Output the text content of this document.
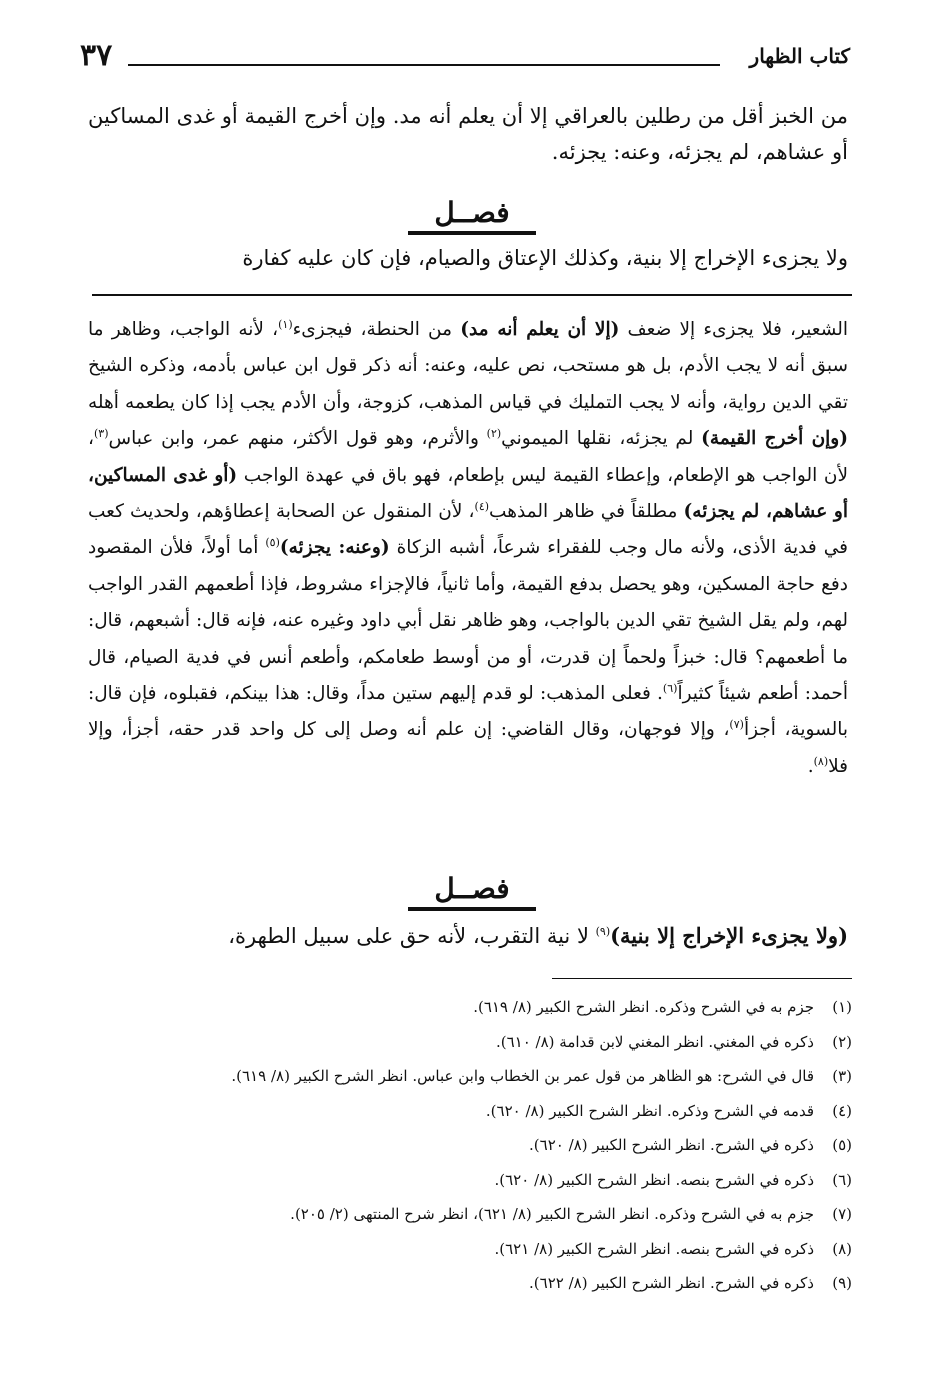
كتاب الظهار
٣٧
من الخبز أقل من رطلين بالعراقي إلا أن يعلم أنه مد. وإن أخرج القيمة أو غدى المساكين أو عشاهم، لم يجزئه، وعنه: يجزئه.
فصــل
ولا يجزىء الإخراج إلا بنية، وكذلك الإعتاق والصيام، فإن كان عليه كفارة
الشعير، فلا يجزىء إلا ضعف (إلا أن يعلم أنه مد) من الحنطة، فيجزىء$^{(١)}$، لأنه الواجب، وظاهر ما سبق أنه لا يجب الأدم، بل هو مستحب، نص عليه، وعنه: أنه ذكر قول ابن عباس بأدمه، وذكره الشيخ تقي الدين رواية، وأنه لا يجب التمليك في قياس المذهب، كزوجة، وأن الأدم يجب إذا كان يطعمه أهله (وإن أخرج القيمة) لم يجزئه، نقلها الميموني$^{(٢)}$ والأثرم، وهو قول الأكثر، منهم عمر، وابن عباس$^{(٣)}$، لأن الواجب هو الإطعام، وإعطاء القيمة ليس بإطعام، فهو باق في عهدة الواجب (أو غدى المساكين، أو عشاهم، لم يجزئه) مطلقاً في ظاهر المذهب$^{(٤)}$، لأن المنقول عن الصحابة إعطاؤهم، ولحديث كعب في فدية الأذى، ولأنه مال وجب للفقراء شرعاً، أشبه الزكاة (وعنه: يجزئه)$^{(٥)}$ أما أولاً، فلأن المقصود دفع حاجة المسكين، وهو يحصل بدفع القيمة، وأما ثانياً، فالإجزاء مشروط، فإذا أطعمهم القدر الواجب لهم، ولم يقل الشيخ تقي الدين بالواجب، وهو ظاهر نقل أبي داود وغيره عنه، فإنه قال: أشبعهم، قال: ما أطعمهم؟ قال: خبزاً ولحماً إن قدرت، أو من أوسط طعامكم، وأطعم أنس في فدية الصيام، قال أحمد: أطعم شيئاً كثيراً$^{(٦)}$. فعلى المذهب: لو قدم إليهم ستين مداً، وقال: هذا بينكم، فقبلوه، فإن قال: بالسوية، أجزأ$^{(٧)}$، وإلا فوجهان، وقال القاضي: إن علم أنه وصل إلى كل واحد قدر حقه، أجزأ، وإلا فلا$^{(٨)}$.
فصــل
(ولا يجزىء الإخراج إلا بنية)$^{(٩)}$ لا نية التقرب، لأنه حق على سبيل الطهرة،
(١)جزم به في الشرح وذكره. انظر الشرح الكبير (٨/ ٦١٩).
(٢)ذكره في المغني. انظر المغني لابن قدامة (٨/ ٦١٠).
(٣)قال في الشرح: هو الظاهر من قول عمر بن الخطاب وابن عباس. انظر الشرح الكبير (٨/ ٦١٩).
(٤)قدمه في الشرح وذكره. انظر الشرح الكبير (٨/ ٦٢٠).
(٥)ذكره في الشرح. انظر الشرح الكبير (٨/ ٦٢٠).
(٦)ذكره في الشرح بنصه. انظر الشرح الكبير (٨/ ٦٢٠).
(٧)جزم به في الشرح وذكره. انظر الشرح الكبير (٨/ ٦٢١)، انظر شرح المنتهى (٢/ ٢٠٥).
(٨)ذكره في الشرح بنصه. انظر الشرح الكبير (٨/ ٦٢١).
(٩)ذكره في الشرح. انظر الشرح الكبير (٨/ ٦٢٢).
